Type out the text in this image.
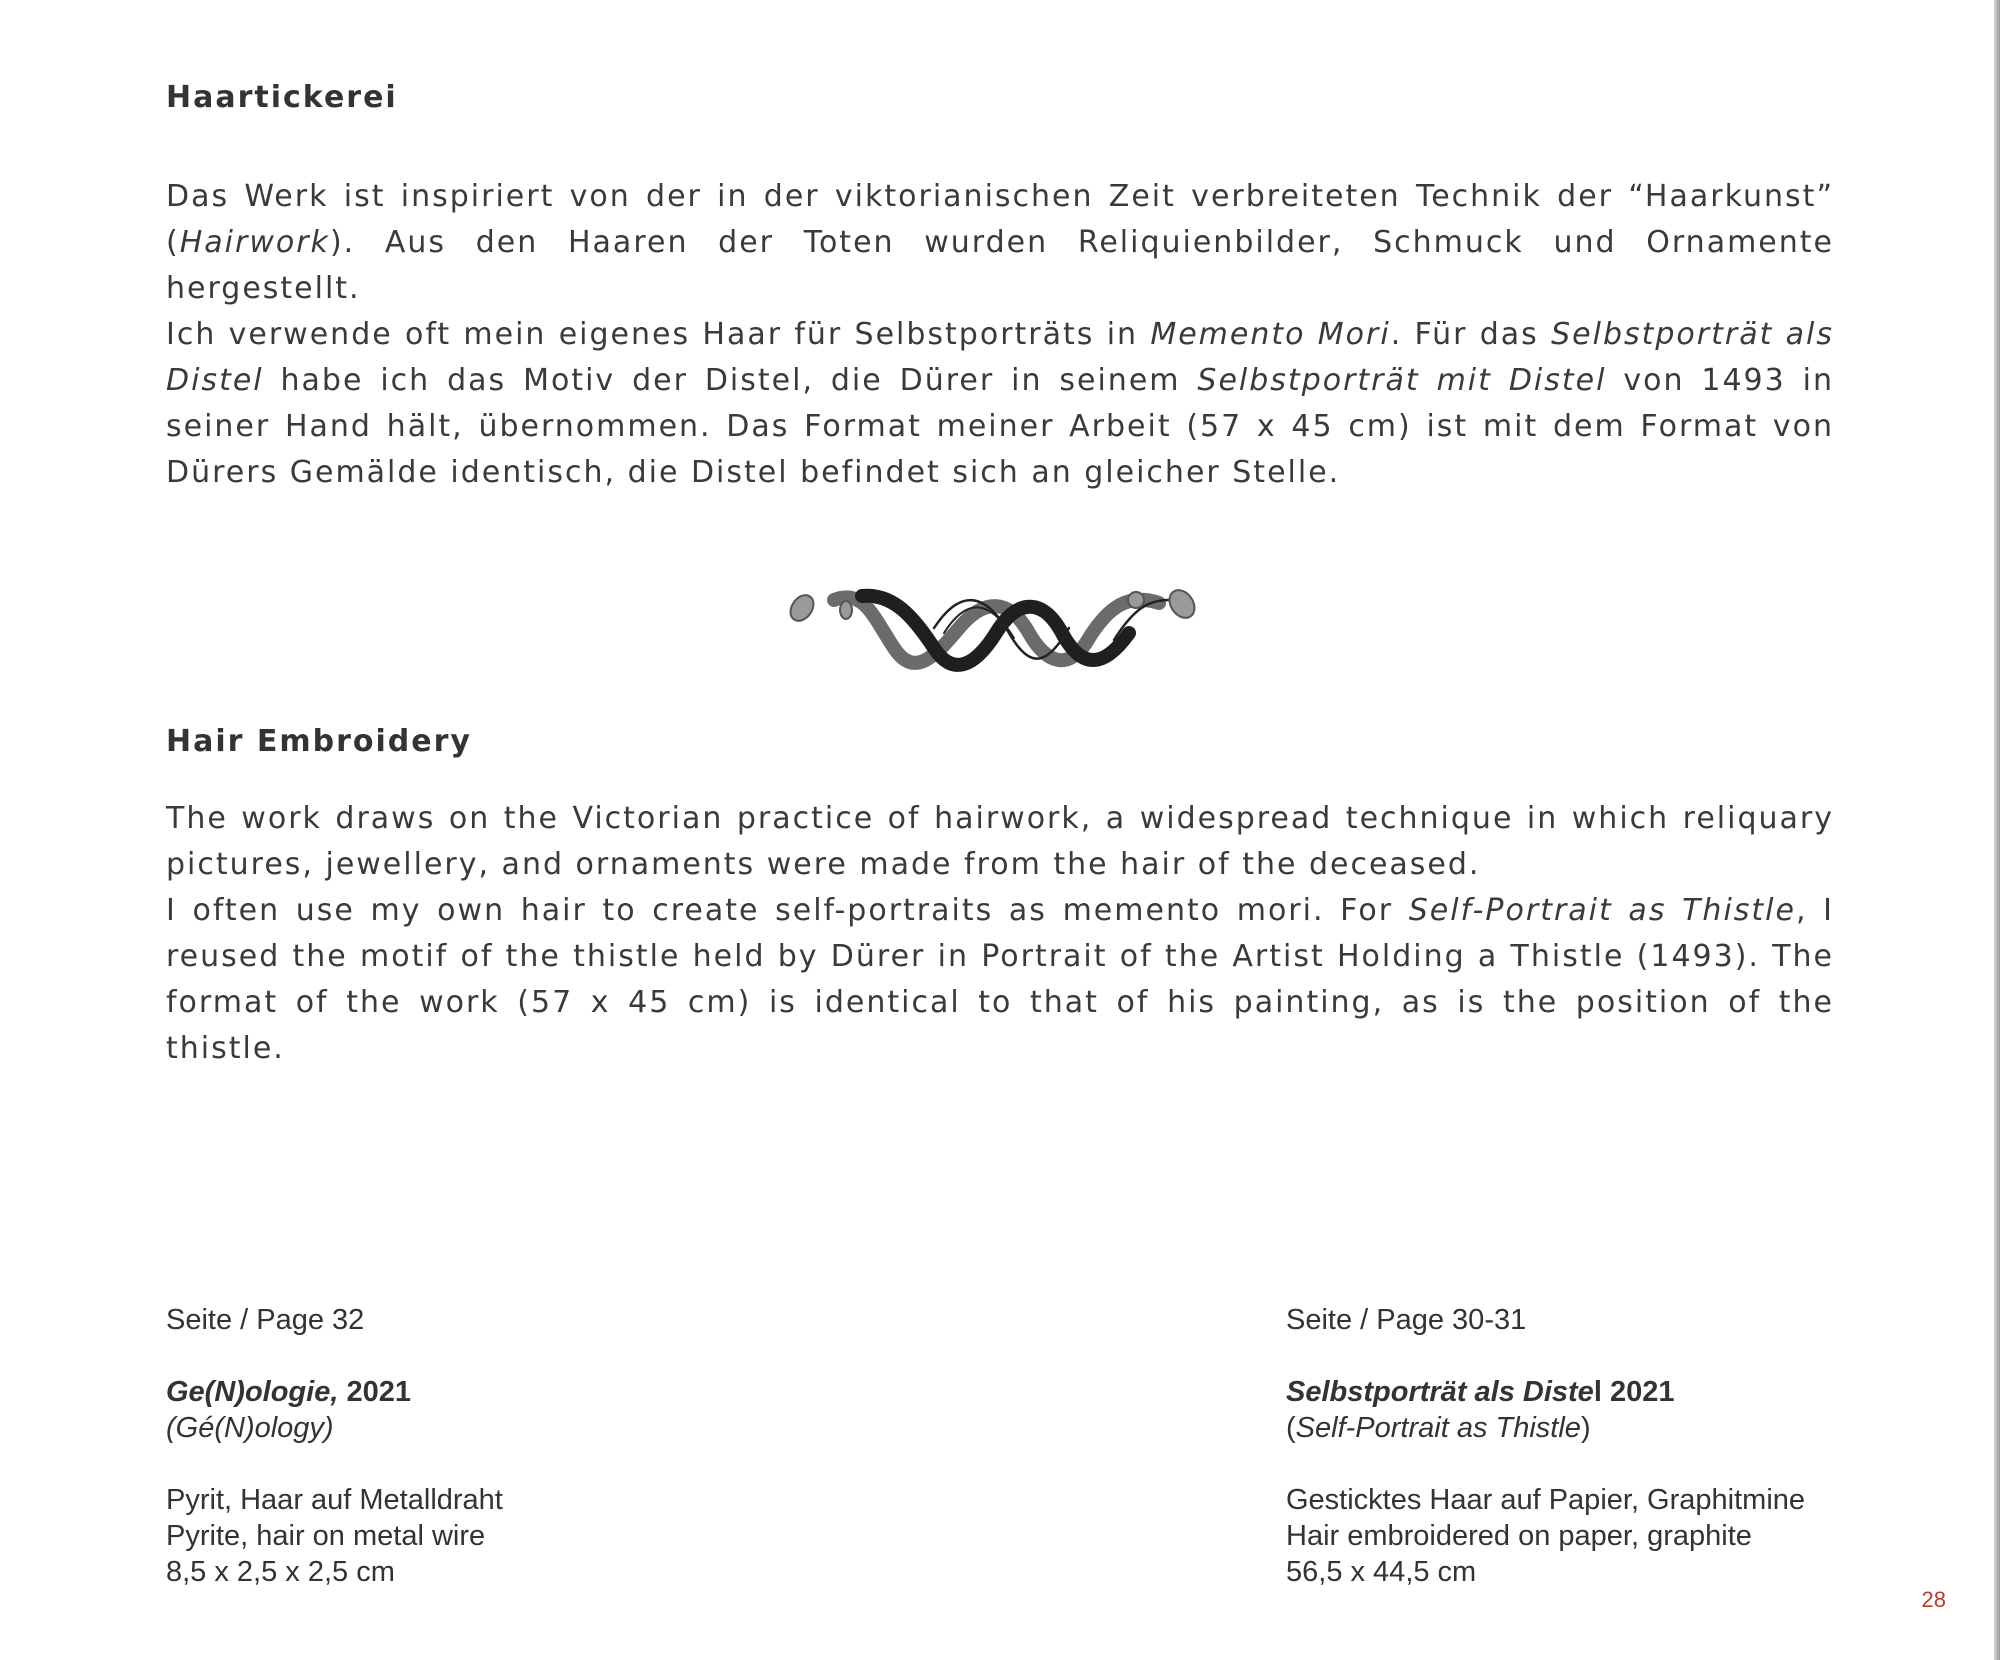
Haartickerei

Das Werk ist inspiriert von der in der viktorianischen Zeit verbreiteten Technik der “Haarkunst” (Hairwork). Aus den Haaren der Toten wurden Reliquienbilder, Schmuck und Ornamente hergestellt.

Ich verwende oft mein eigenes Haar für Selbstporträts in Memento Mori. Für das Selbstporträt als Distel habe ich das Motiv der Distel, die Dürer in seinem Selbstporträt mit Distel von 1493 in seiner Hand hält, übernommen. Das Format meiner Arbeit (57 x 45 cm) ist mit dem Format von Dürers Gemälde identisch, die Distel befindet sich an gleicher Stelle.

Hair Embroidery

The work draws on the Victorian practice of hairwork, a widespread technique in which reliquary pictures, jewellery, and ornaments were made from the hair of the deceased.

I often use my own hair to create self-portraits as memento mori. For Self-Portrait as Thistle, I reused the motif of the thistle held by Dürer in Portrait of the Artist Holding a Thistle (1493). The format of the work (57 x 45 cm) is identical to that of his painting, as is the position of the thistle.

Seite / Page 32
Ge(N)ologie, 2021
(Gé(N)ology)
Pyrit, Haar auf Metalldraht
Pyrite, hair on metal wire
8,5 x 2,5 x 2,5 cm
Seite / Page 30-31
Selbstporträt als Distel 2021
(Self-Portrait as Thistle)
Gesticktes Haar auf Papier, Graphitmine
Hair embroidered on paper, graphite
56,5 x 44,5 cm
28
